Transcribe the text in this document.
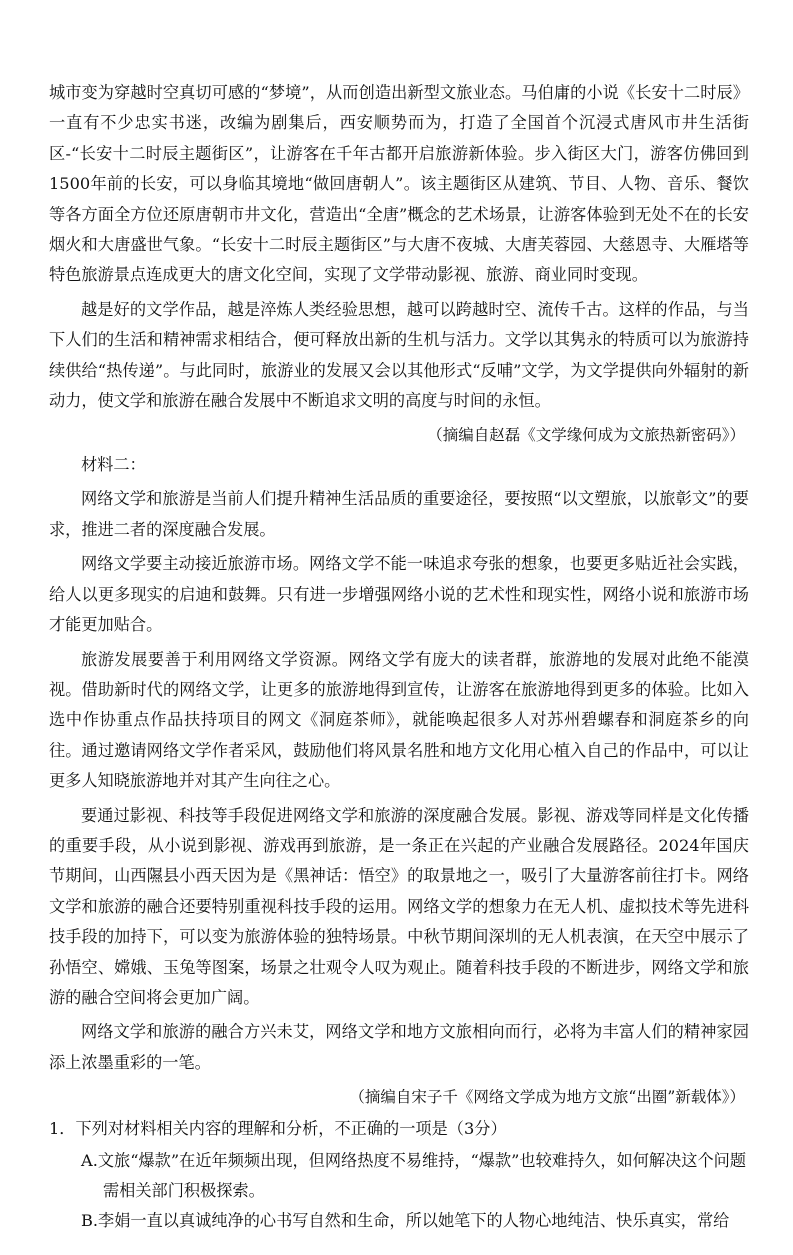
城市变为穿越时空真切可感的“梦境”，从而创造出新型文旅业态。马伯庸的小说《长安十二时辰》一直有不少忠实书迷，改编为剧集后，西安顺势而为，打造了全国首个沉浸式唐风市井生活街区-“长安十二时辰主题街区”，让游客在千年古都开启旅游新体验。步入街区大门，游客仿佛回到1500年前的长安，可以身临其境地“做回唐朝人”。该主题街区从建筑、节目、人物、音乐、餐饮等各方面全方位还原唐朝市井文化，营造出“全唐”概念的艺术场景，让游客体验到无处不在的长安烟火和大唐盛世气象。“长安十二时辰主题街区”与大唐不夜城、大唐芙蓉园、大慈恩寺、大雁塔等特色旅游景点连成更大的唐文化空间，实现了文学带动影视、旅游、商业同时变现。

越是好的文学作品，越是淬炼人类经验思想，越可以跨越时空、流传千古。这样的作品，与当下人们的生活和精神需求相结合，便可释放出新的生机与活力。文学以其隽永的特质可以为旅游持续供给“热传递”。与此同时，旅游业的发展又会以其他形式“反哺”文学，为文学提供向外辐射的新动力，使文学和旅游在融合发展中不断追求文明的高度与时间的永恒。

（摘编自赵磊《文学缘何成为文旅热新密码》）

材料二：

网络文学和旅游是当前人们提升精神生活品质的重要途径，要按照“以文塑旅，以旅彰文”的要求，推进二者的深度融合发展。

网络文学要主动接近旅游市场。网络文学不能一味追求夸张的想象，也要更多贴近社会实践，给人以更多现实的启迪和鼓舞。只有进一步增强网络小说的艺术性和现实性，网络小说和旅游市场才能更加贴合。

旅游发展要善于利用网络文学资源。网络文学有庞大的读者群，旅游地的发展对此绝不能漠视。借助新时代的网络文学，让更多的旅游地得到宣传，让游客在旅游地得到更多的体验。比如入选中作协重点作品扶持项目的网文《洞庭茶师》，就能唤起很多人对苏州碧螺春和洞庭茶乡的向往。通过邀请网络文学作者采风，鼓励他们将风景名胜和地方文化用心植入自己的作品中，可以让更多人知晓旅游地并对其产生向往之心。

要通过影视、科技等手段促进网络文学和旅游的深度融合发展。影视、游戏等同样是文化传播的重要手段，从小说到影视、游戏再到旅游，是一条正在兴起的产业融合发展路径。2024年国庆节期间，山西隰县小西天因为是《黑神话：悟空》的取景地之一，吸引了大量游客前往打卡。网络文学和旅游的融合还要特别重视科技手段的运用。网络文学的想象力在无人机、虚拟技术等先进科技手段的加持下，可以变为旅游体验的独特场景。中秋节期间深圳的无人机表演，在天空中展示了孙悟空、嫦娥、玉兔等图案，场景之壮观令人叹为观止。随着科技手段的不断进步，网络文学和旅游的融合空间将会更加广阔。

网络文学和旅游的融合方兴未艾，网络文学和地方文旅相向而行，必将为丰富人们的精神家园添上浓墨重彩的一笔。

（摘编自宋子千《网络文学成为地方文旅“出圈”新载体》）

1．下列对材料相关内容的理解和分析，不正确的一项是（3分）

A.文旅“爆款”在近年频频出现，但网络热度不易维持，“爆款”也较难持久，如何解决这个问题需相关部门积极探索。

B.李娟一直以真诚纯净的心书写自然和生命，所以她笔下的人物心地纯洁、快乐真实，常给
